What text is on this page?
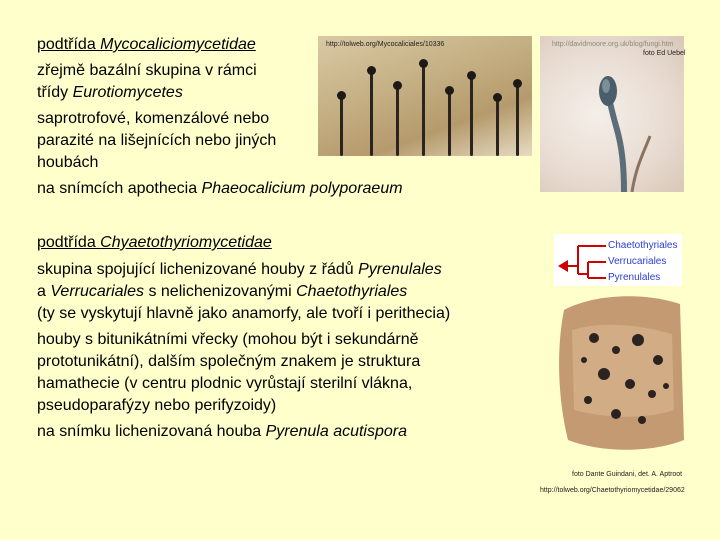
podtřída Mycocaliciomycetidae
zřejmě bazální skupina v rámci
třídy Eurotiomycetes
saprotrofové, komenzálové nebo
parazité na lišejnících nebo jiných
houbách
na snímcích apothecia Phaeocalicium polyporaeum
http://tolweb.org/Mycocaliciales/10336	http://davidmoore.org.uk/blog/fungi.htm
foto Ed Uebel
podtřída Chyaetothyriomycetidae
skupina spojující lichenizované houby z řádů Pyrenulales
a Verrucariales s nelichenizovanými Chaetothyriales
(ty se vyskytují hlavně jako anamorfy, ale tvoří i perithecia)
houby s bitunikátními vřecky (mohou být i sekundárně
prototunikátní), dalším společným znakem je struktura
hamathecie (v centru plodnic vyrůstají sterilní vlákna,
pseudoparafýzy nebo perifyzoidy)
na snímku lichenizovaná houba Pyrenula acutispora
Chaetothyriales
Verrucariales
Pyrenulales
foto Dante Guindani, det. A. Aptroot
http://tolweb.org/Chaetothyriomycetidae/29062
